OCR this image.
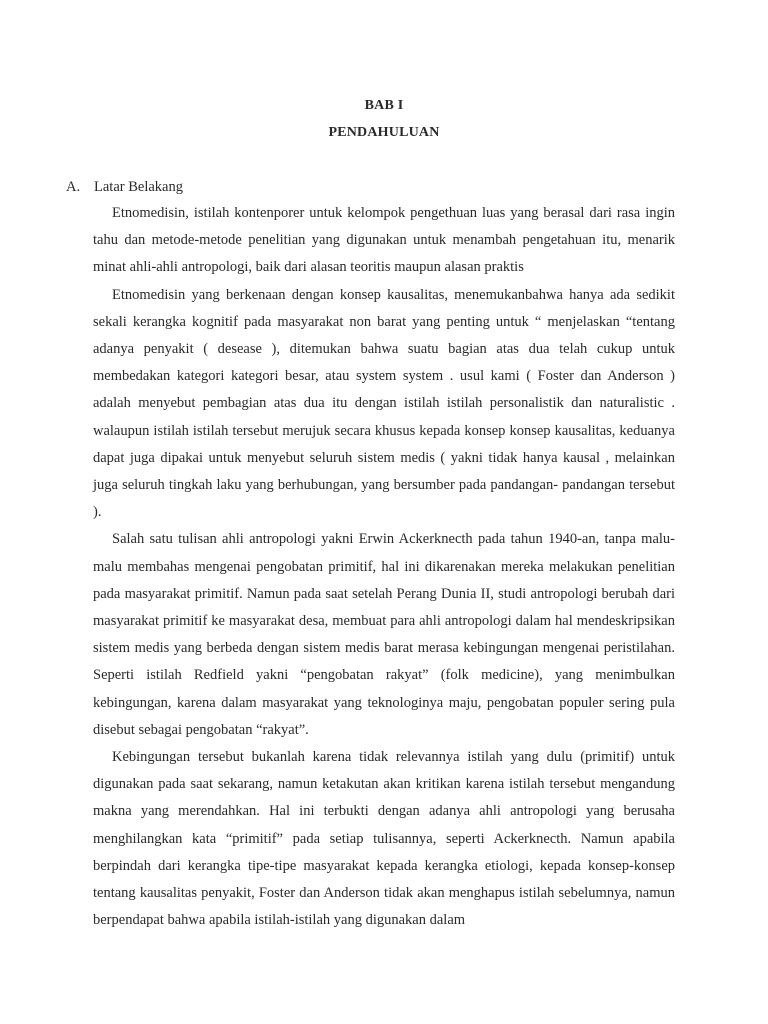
BAB I
PENDAHULUAN
A. Latar Belakang

Etnomedisin, istilah kontenporer untuk kelompok pengethuan luas yang berasal dari rasa ingin tahu dan metode-metode penelitian yang digunakan untuk menambah pengetahuan itu, menarik minat ahli-ahli antropologi, baik dari alasan teoritis maupun alasan praktis

Etnomedisin yang berkenaan dengan konsep kausalitas, menemukanbahwa hanya ada sedikit sekali kerangka kognitif pada masyarakat non barat yang penting untuk “ menjelaskan “tentang adanya penyakit ( desease ), ditemukan bahwa suatu bagian atas dua telah cukup untuk membedakan kategori kategori besar, atau system system . usul kami ( Foster dan Anderson ) adalah menyebut pembagian atas dua itu dengan istilah istilah personalistik dan naturalistic . walaupun istilah istilah tersebut merujuk secara khusus kepada konsep konsep kausalitas, keduanya dapat juga dipakai untuk menyebut seluruh sistem medis ( yakni tidak hanya kausal , melainkan juga seluruh tingkah laku yang berhubungan, yang bersumber pada pandangan- pandangan tersebut ).

Salah satu tulisan ahli antropologi yakni Erwin Ackerknecth pada tahun 1940-an, tanpa malu-malu membahas mengenai pengobatan primitif, hal ini dikarenakan mereka melakukan penelitian pada masyarakat primitif. Namun pada saat setelah Perang Dunia II, studi antropologi berubah dari masyarakat primitif ke masyarakat desa, membuat para ahli antropologi dalam hal mendeskripsikan sistem medis yang berbeda dengan sistem medis barat merasa kebingungan mengenai peristilahan. Seperti istilah Redfield yakni “pengobatan rakyat” (folk medicine), yang menimbulkan kebingungan, karena dalam masyarakat yang teknologinya maju, pengobatan populer sering pula disebut sebagai pengobatan “rakyat”.

Kebingungan tersebut bukanlah karena tidak relevannya istilah yang dulu (primitif) untuk digunakan pada saat sekarang, namun ketakutan akan kritikan karena istilah tersebut mengandung makna yang merendahkan. Hal ini terbukti dengan adanya ahli antropologi yang berusaha menghilangkan kata “primitif” pada setiap tulisannya, seperti Ackerknecth. Namun apabila berpindah dari kerangka tipe-tipe masyarakat kepada kerangka etiologi, kepada konsep-konsep tentang kausalitas penyakit, Foster dan Anderson tidak akan menghapus istilah sebelumnya, namun berpendapat bahwa apabila istilah-istilah yang digunakan dalam
